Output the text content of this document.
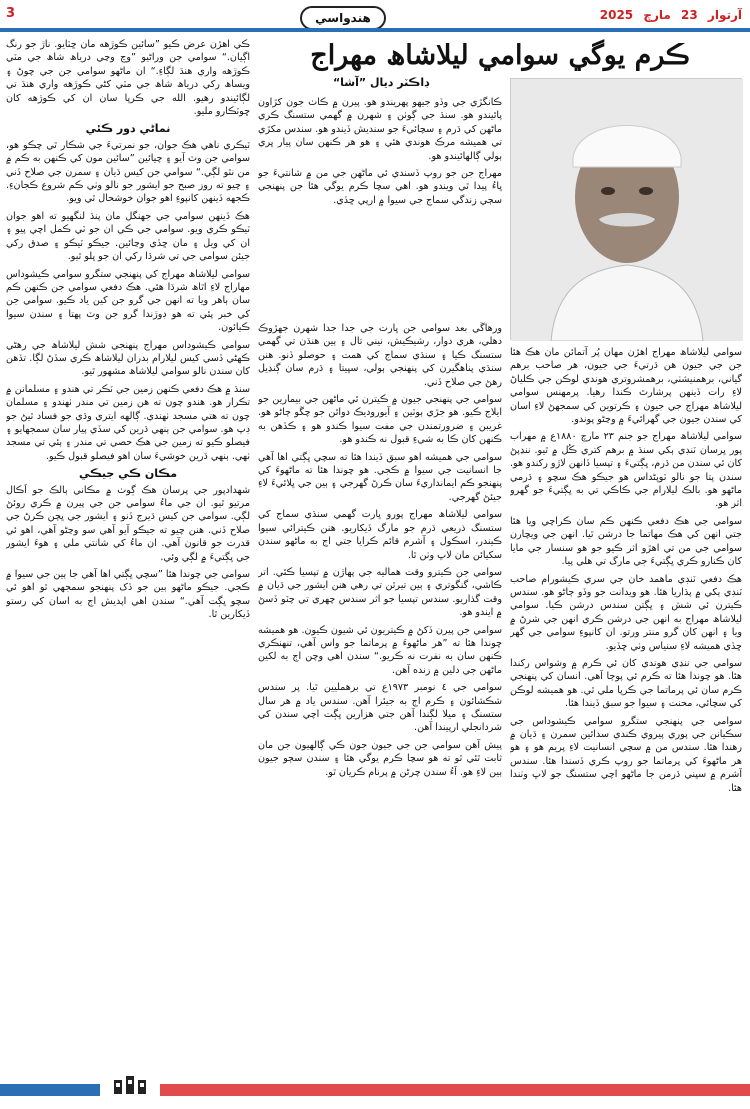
3	هندواسي	آرتوار 23 مارچ 2025
ڪرم يوگي سوامي ليلاشاھ مهراج
ڊاڪٽر ديال ”آشا“

ڪانگڙي جي وڏو جيهو پهريندو هو. پيرن ۾ ڪاٺ جون کڙاون پائيندو هو. سنڌ جي ڳوٺن ۽ شهرن ۾ گهمي ستسنگ ڪري ماڻهن کي ڌرم ۽ سچائيءَ جو سنديش ڏيندو هو. سندس مکڙي تي هميشه مرڪ هوندي هئي ۽ هو هر ڪنهن سان پيار ڀري ٻولي ڳالهائيندو هو.

مهراج جن جو روپ ڏسندي ئي ماڻهن جي من ۾ شانتيءَ جو ڀاءُ پيدا ٿي ويندو هو. اهي سچا ڪرم يوگي هئا جن پنهنجي سڄي زندگي سماج جي سيوا ۾ ارپي ڇڏي.

سوامي ليلاشاھ مهراج اهڙن مهان پُر آتمائن مان هڪ هئا جن جي جيون هن ڌرتيءَ جي جيون، هر صاحب برهم گياني، برهمنيشٺي، برهمشروتري هوندي لوڪن جي ڪلياڻ لاءِ رات ڏينهن پرشارٿ ڪندا رهيا. پرمهنس سوامي ليلاشاھ مهراج جي جيون ۽ ڪرتوين کي سمجهڻ لاءِ اسان کي سندن جيون جي گهرائيءَ ۾ وڃڻو پوندو.

سوامي ليلاشاھ مهراج جو جنم ٢٣ مارچ ١٨٨٠ع ۾ مهراب پور ڀرسان ٽنڊي ٻکي سنڌ ۾ برهم کتري ڪُل ۾ ٿيو. ننڍپڻ کان ئي سندن من ڌرم، ڀڳتيءَ ۽ تپسيا ڏانهن لاڙو رکندو هو. سندن پتا جو نالو ٽوپڻداس هو جيڪو هڪ سچو ۽ ڌرمي ماڻهو هو. بالڪ ليلارام جي ڪاڪي تي به ڀڳتيءَ جو گهرو اثر هو.

سوامي جي هڪ دفعي ڪنهن ڪم سان ڪراچي ويا هئا جتي انهن کي هڪ مهاتما جا درشن ٿيا. انهن جي ويچارن سوامي جي من تي اهڙو اثر ڪيو جو هو سنسار جي مايا کان ڪنارو ڪري ڀڳتيءَ جي مارگ تي هلي پيا.

هڪ دفعي ٽنڊي ماهمد خان جي سري ڪيشورام صاحب ٽنڊي ٻکي ۾ پڌاريا هئا. هو ويدانت جو وڏو ڄاڻو هو. سندس ڪيترن ئي شش ۽ ڀڳتن سندس درشن ڪيا. سوامي ليلاشاھ مهراج به انهن جي درشن ڪري انهن جي شرڻ ۾ ويا ۽ انهن کان گرو منتر ورتو. ان کانپوءِ سوامي جي گهر ڇڏي هميشه لاءِ سنياس وٺي ڇڏيو.

سوامي جي ننڍي هوندي کان ئي ڪرم ۾ وشواس رکندا هئا. هو چوندا هئا ته ڪرم ئي پوڄا آهي. انسان کي پنهنجي ڪرم سان ئي پرماتما جي ڪرپا ملي ٿي. هو هميشه لوڪن کي سچائي، محنت ۽ سيوا جو سبق ڏيندا هئا.

سوامي جي پنهنجي ستگرو سوامي ڪيشوداس جي سڪيانن جي پوري پيروي ڪندي سدائين سمرن ۽ ڌيان ۾ رهندا هئا. سندس من ۾ سڄي انسانيت لاءِ پريم هو ۽ هو هر ماڻهوءَ کي پرماتما جو روپ ڪري ڏسندا هئا. سندس آشرم ۾ سڀني ڌرمن جا ماڻهو اچي ستسنگ جو لاڀ وٺندا هئا.

ورهاڱي بعد سوامي جن ڀارت جي جدا جدا شهرن جهڙوڪ دهلي، هري دوار، رشيڪيش، نيني تال ۽ ٻين هنڌن تي گهمي ستسنگ ڪيا ۽ سنڌي سماج کي همت ۽ حوصلو ڏنو. هنن سنڌي پناهگيرن کي پنهنجي ٻولي، سڀيتا ۽ ڌرم سان ڳنڍيل رهڻ جي صلاح ڏني.

سوامي جي پنهنجي جيون ۾ ڪيترن ئي ماڻهن جي بيمارين جو ايلاج ڪيو. هو جڙي ٻوٽين ۽ آيوروديڪ دوائن جو چڱو ڄاڻو هو. غريبن ۽ ضرورتمندن جي مفت سيوا ڪندو هو ۽ ڪڏهن به ڪنهن کان ڪا به شيءِ قبول نه ڪندو هو.

سوامي جي هميشه اهو سبق ڏيندا هئا ته سچي ڀڳتي اها آهي جا انسانيت جي سيوا ۾ ڪجي. هو چوندا هئا ته ماڻهوءَ کي پنهنجو ڪم ايمانداريءَ سان ڪرڻ گهرجي ۽ ٻين جي ڀلائيءَ لاءِ جيئڻ گهرجي.

سوامي ليلاشاھ مهراج پورو ڀارت گهمي سنڌي سماج کي ستسنگ ذريعي ڌرم جو مارگ ڏيکاريو. هنن ڪيترائي سيوا ڪيندر، اسڪول ۽ آشرم قائم ڪرايا جتي اڄ به ماڻهو سندن سکيائن مان لاڀ وٺن ٿا.

سوامي جن ڪيترو وقت هماليه جي پهاڙن ۾ تپسيا ڪئي. اتر ڪاشي، گنگوتري ۽ ٻين تيرٿن تي رهي هنن ايشور جي ڌيان ۾ وقت گذاريو. سندس تپسيا جو اثر سندس چهري تي چٽو ڏسڻ ۾ ايندو هو.

سوامي جن پيرن ڏکڻ ۾ ڪيتريون ئي شيون ڪيون. هو هميشه چوندا هئا ته ”هر ماڻهوءَ ۾ پرماتما جو واس آهي، تنهنڪري ڪنهن سان به نفرت نه ڪريو.“ سندن اهي وچن اڄ به لکين ماڻهن جي دلين ۾ زنده آهن.

سوامي جي ٤ نومبر ١٩٧٣ع تي برهمليين ٿيا. پر سندس شڪشائون ۽ ڪرم اڄ به جيئرا آهن. سندس ياد ۾ هر سال ستسنگ ۽ ميلا لڳندا آهن جتي هزارين ڀڳت اچي سندن کي شردانجلي ارپيندا آهن.

پيش آهن سوامي جن جي جيون جون ڪي ڳالهيون جن مان ثابت ٿئي ٿو ته هو سچا ڪرم يوگي هئا ۽ سندن سڄو جيون ٻين لاءِ هو. آءُ سندن چرڻن ۾ پرنام ڪريان ٿو.

ڪي اهڙن عرض ڪيو ”سائين ڪوڙهه مان ڇٽايو. ناڙ جو رنگ اڳيان.“ سوامي جن وراڻيو ”وڃ وڃي درياھ شاھ جي مٽي ڪوڙهه واري هنڌ لڳاءِ.“ ان ماڻهو سوامي جن جي چوڻ ۽ ويساھ رکي درياھ شاھ جي مٽي کڻي ڪوڙهه واري هنڌ تي لڳائيندو رهيو. الله جي ڪرپا سان ان کي ڪوڙهه کان ڇوٽڪارو مليو.

نماڻي دور ڪئي

ٽيڪري ناهي هڪ جوان، جو نمرتيءَ جي شڪار ٿي چڪو هو، سوامي جن وٽ آيو ۽ چيائين ”سائين مون کي ڪنهن به ڪم ۾ من نٿو لڳي.“ سوامي جن کيس ڌيان ۽ سمرن جي صلاح ڏني ۽ چيو ته روز صبح جو ايشور جو نالو وٺي ڪم شروع ڪجانءِ. ڪجهه ڏينهن کانپوءِ اهو جوان خوشحال ٿي ويو.

هڪ ڏينهن سوامي جي جهنگل مان پنڌ لنگهيو ته اهو جوان ٽيڪو ڪري ويو. سوامي جي ڪي ان جو ٽي ڪمل اچي پيو ۽ ان کي ويل ۽ مان ڇڏي وڃائين. جيڪو ٽيڪو ۽ صدق رکي جيئن سوامي جي تي شرڌا رکي ان جو ڀلو ٿيو.

سوامي ليلاشاھ مهراج کي پنهنجي ستگرو سوامي ڪيشوداس مهاراج لاءِ اٿاھ شرڌا هئي. هڪ دفعي سوامي جن ڪنهن ڪم سان ٻاهر ويا ته انهن جي گرو جن کين ياد ڪيو. سوامي جن کي خبر پئي ته هو ڊوڙندا گرو جن وٽ پهتا ۽ سندن سيوا ڪيائون.

سوامي ڪيشوداس مهراج پنهنجي شش ليلاشاھ جي رهڻي ڪهڻي ڏسي کيس ليلارام بدران ليلاشاھ ڪري سڏڻ لڳا. تڏهن کان سندن نالو سوامي ليلاشاھ مشهور ٿيو.

سنڌ ۾ هڪ دفعي ڪنهن زمين جي ٽڪر تي هندو ۽ مسلمانن ۾ تڪرار هو. هندو چون ته هن زمين تي مندر ٺهندو ۽ مسلمان چون ته هتي مسجد ٺهندي. ڳالهه ايتري وڌي جو فساد ٿيڻ جو ڊپ هو. سوامي جن ٻنهي ڌرين کي سڏي پيار سان سمجهايو ۽ فيصلو ڪيو ته زمين جي هڪ حصي تي مندر ۽ ٻئي تي مسجد ٺهي. ٻنهي ڌرين خوشيءَ سان اهو فيصلو قبول ڪيو.

مڪان ڪي جيڪي

شهدادپور جي پرسان هڪ ڳوٺ ۾ مڪاني ٻالڪ جو اَڪال مرتيو ٿيو. ان جي ماءُ سوامي جن جي پيرن ۾ ڪري روئڻ لڳي. سوامي جن کيس ڌيرج ڏنو ۽ ايشور جي ڀڄن ڪرڻ جي صلاح ڏني. هنن چيو ته جيڪو آيو آهي سو وڃڻو آهي، اهو ئي قدرت جو قانون آهي. ان ماءُ کي شانتي ملي ۽ هوءَ ايشور جي ڀڳتيءَ ۾ لڳي وئي.

سوامي جي چوندا هئا ”سچي ڀڳتي اها آهي جا ٻين جي سيوا ۾ ڪجي. جيڪو ماڻهو ٻين جو ڏک پنهنجو سمجهي ٿو اهو ئي سچو ڀڳت آهي.“ سندن اهي اپديش اڄ به اسان کي رستو ڏيکارين ٿا.
